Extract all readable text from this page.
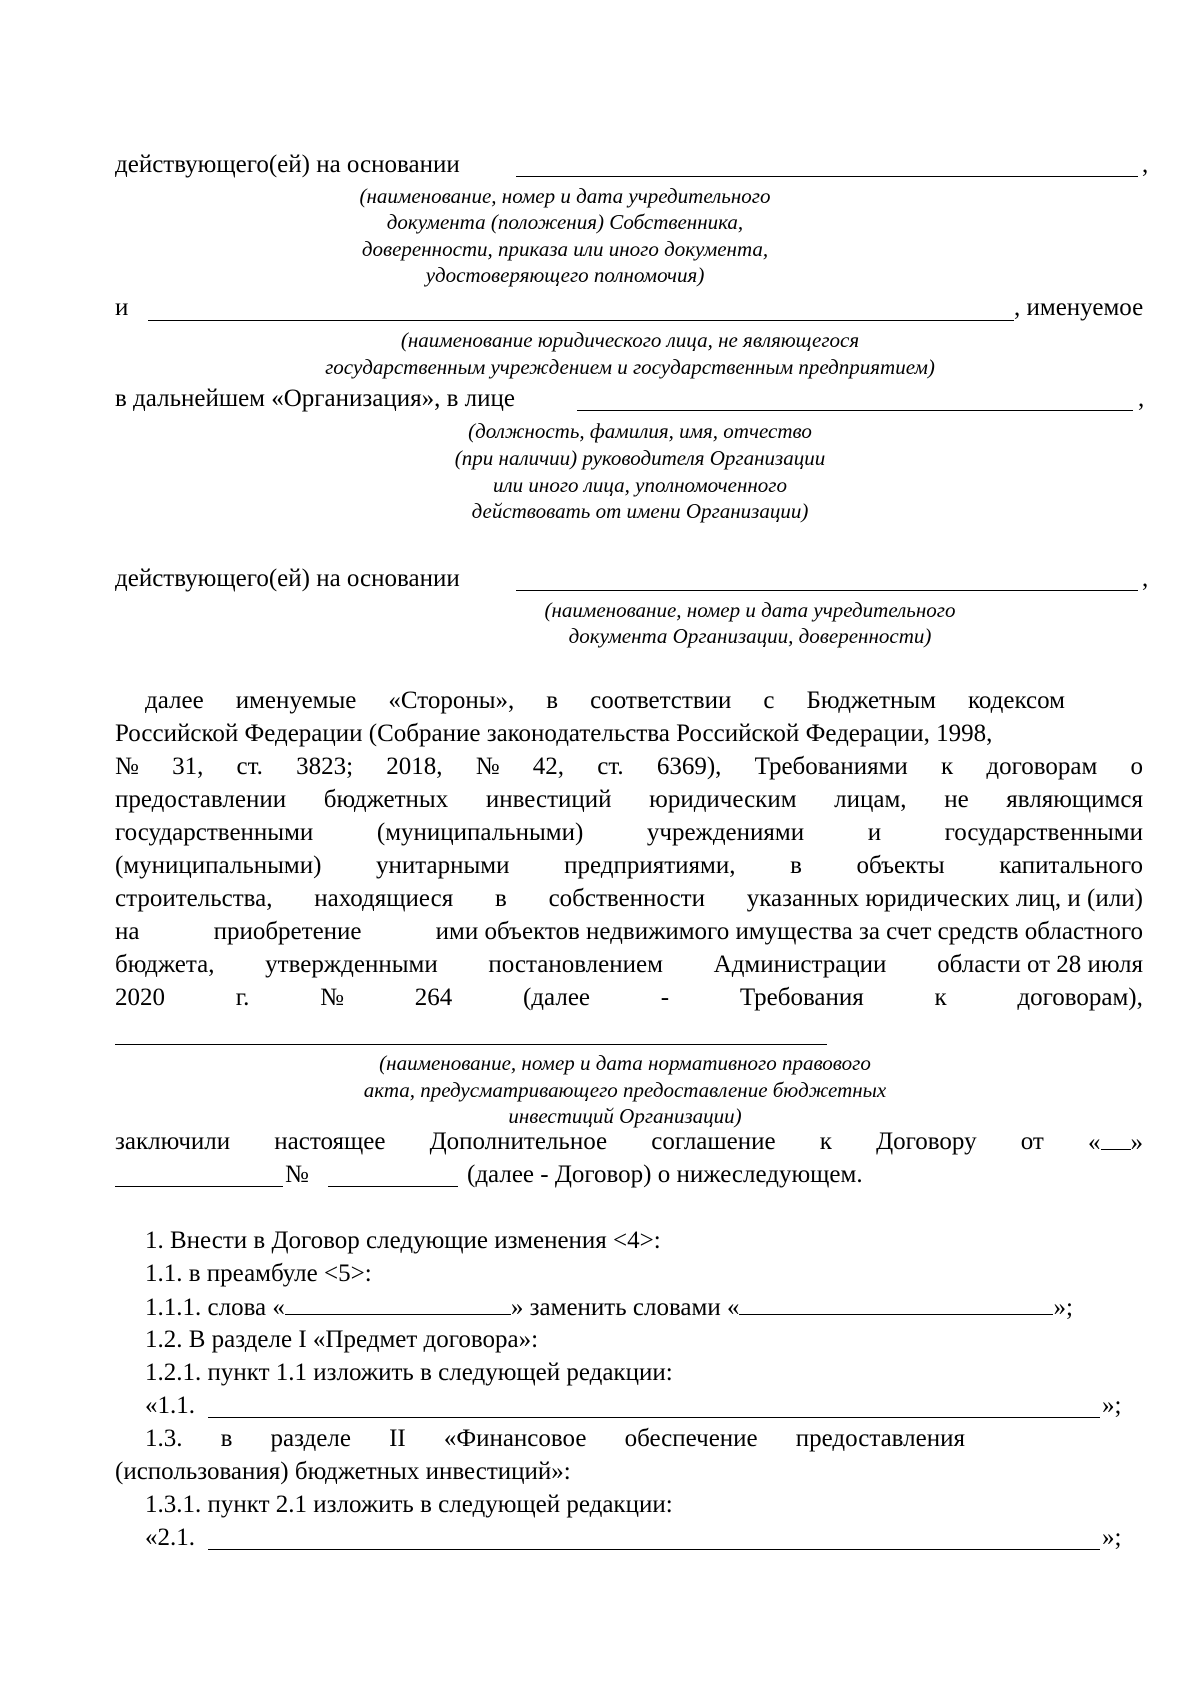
действующего(ей) на основании	,
(наименование, номер и дата учредительного
документа (положения) Собственника,
доверенности, приказа или иного документа,
удостоверяющего полномочия)
и	, именуемое
(наименование юридического лица, не являющегося
государственным учреждением и государственным предприятием)
в дальнейшем «Организация», в лице	,
(должность, фамилия, имя, отчество
(при наличии) руководителя Организации
или иного лица, уполномоченного
действовать от имени Организации)
действующего(ей) на основании	,
(наименование, номер и дата учредительного
документа Организации, доверенности)
далее именуемые «Стороны», в соответствии с Бюджетным кодексом
Российской Федерации (Собрание законодательства Российской Федерации, 1998,
№ 31, ст. 3823; 2018, № 42, ст. 6369), Требованиями к договорам о
предоставлении бюджетных инвестиций юридическим лицам, не являющимся
государственными	(муниципальными)	учреждениями	и	государственными
(муниципальными) унитарными предприятиями, в объекты капитального
строительства, находящиеся в собственности указанных юридических лиц, и (или)
на	приобретение	ими объектов недвижимого имущества за счет средств областного
бюджета, утвержденными постановлением Администрации области от 28 июля
2020	г.	№	264	(далее	-	Требования	к	договорам),
(наименование, номер и дата нормативного правового
акта, предусматривающего предоставление бюджетных
инвестиций Организации)
заключили настоящее Дополнительное соглашение к Договору от « »
№	(далее - Договор) о нижеследующем.
1. Внести в Договор следующие изменения <4>:
1.1. в преамбуле <5>:
1.1.1. слова «	» заменить словами «	»;
1.2. В разделе I «Предмет договора»:
1.2.1. пункт 1.1 изложить в следующей редакции:
«1.1.	»;
1.3. в разделе II «Финансовое обеспечение предоставления
(использования) бюджетных инвестиций»:
1.3.1. пункт 2.1 изложить в следующей редакции:
«2.1.	»;
